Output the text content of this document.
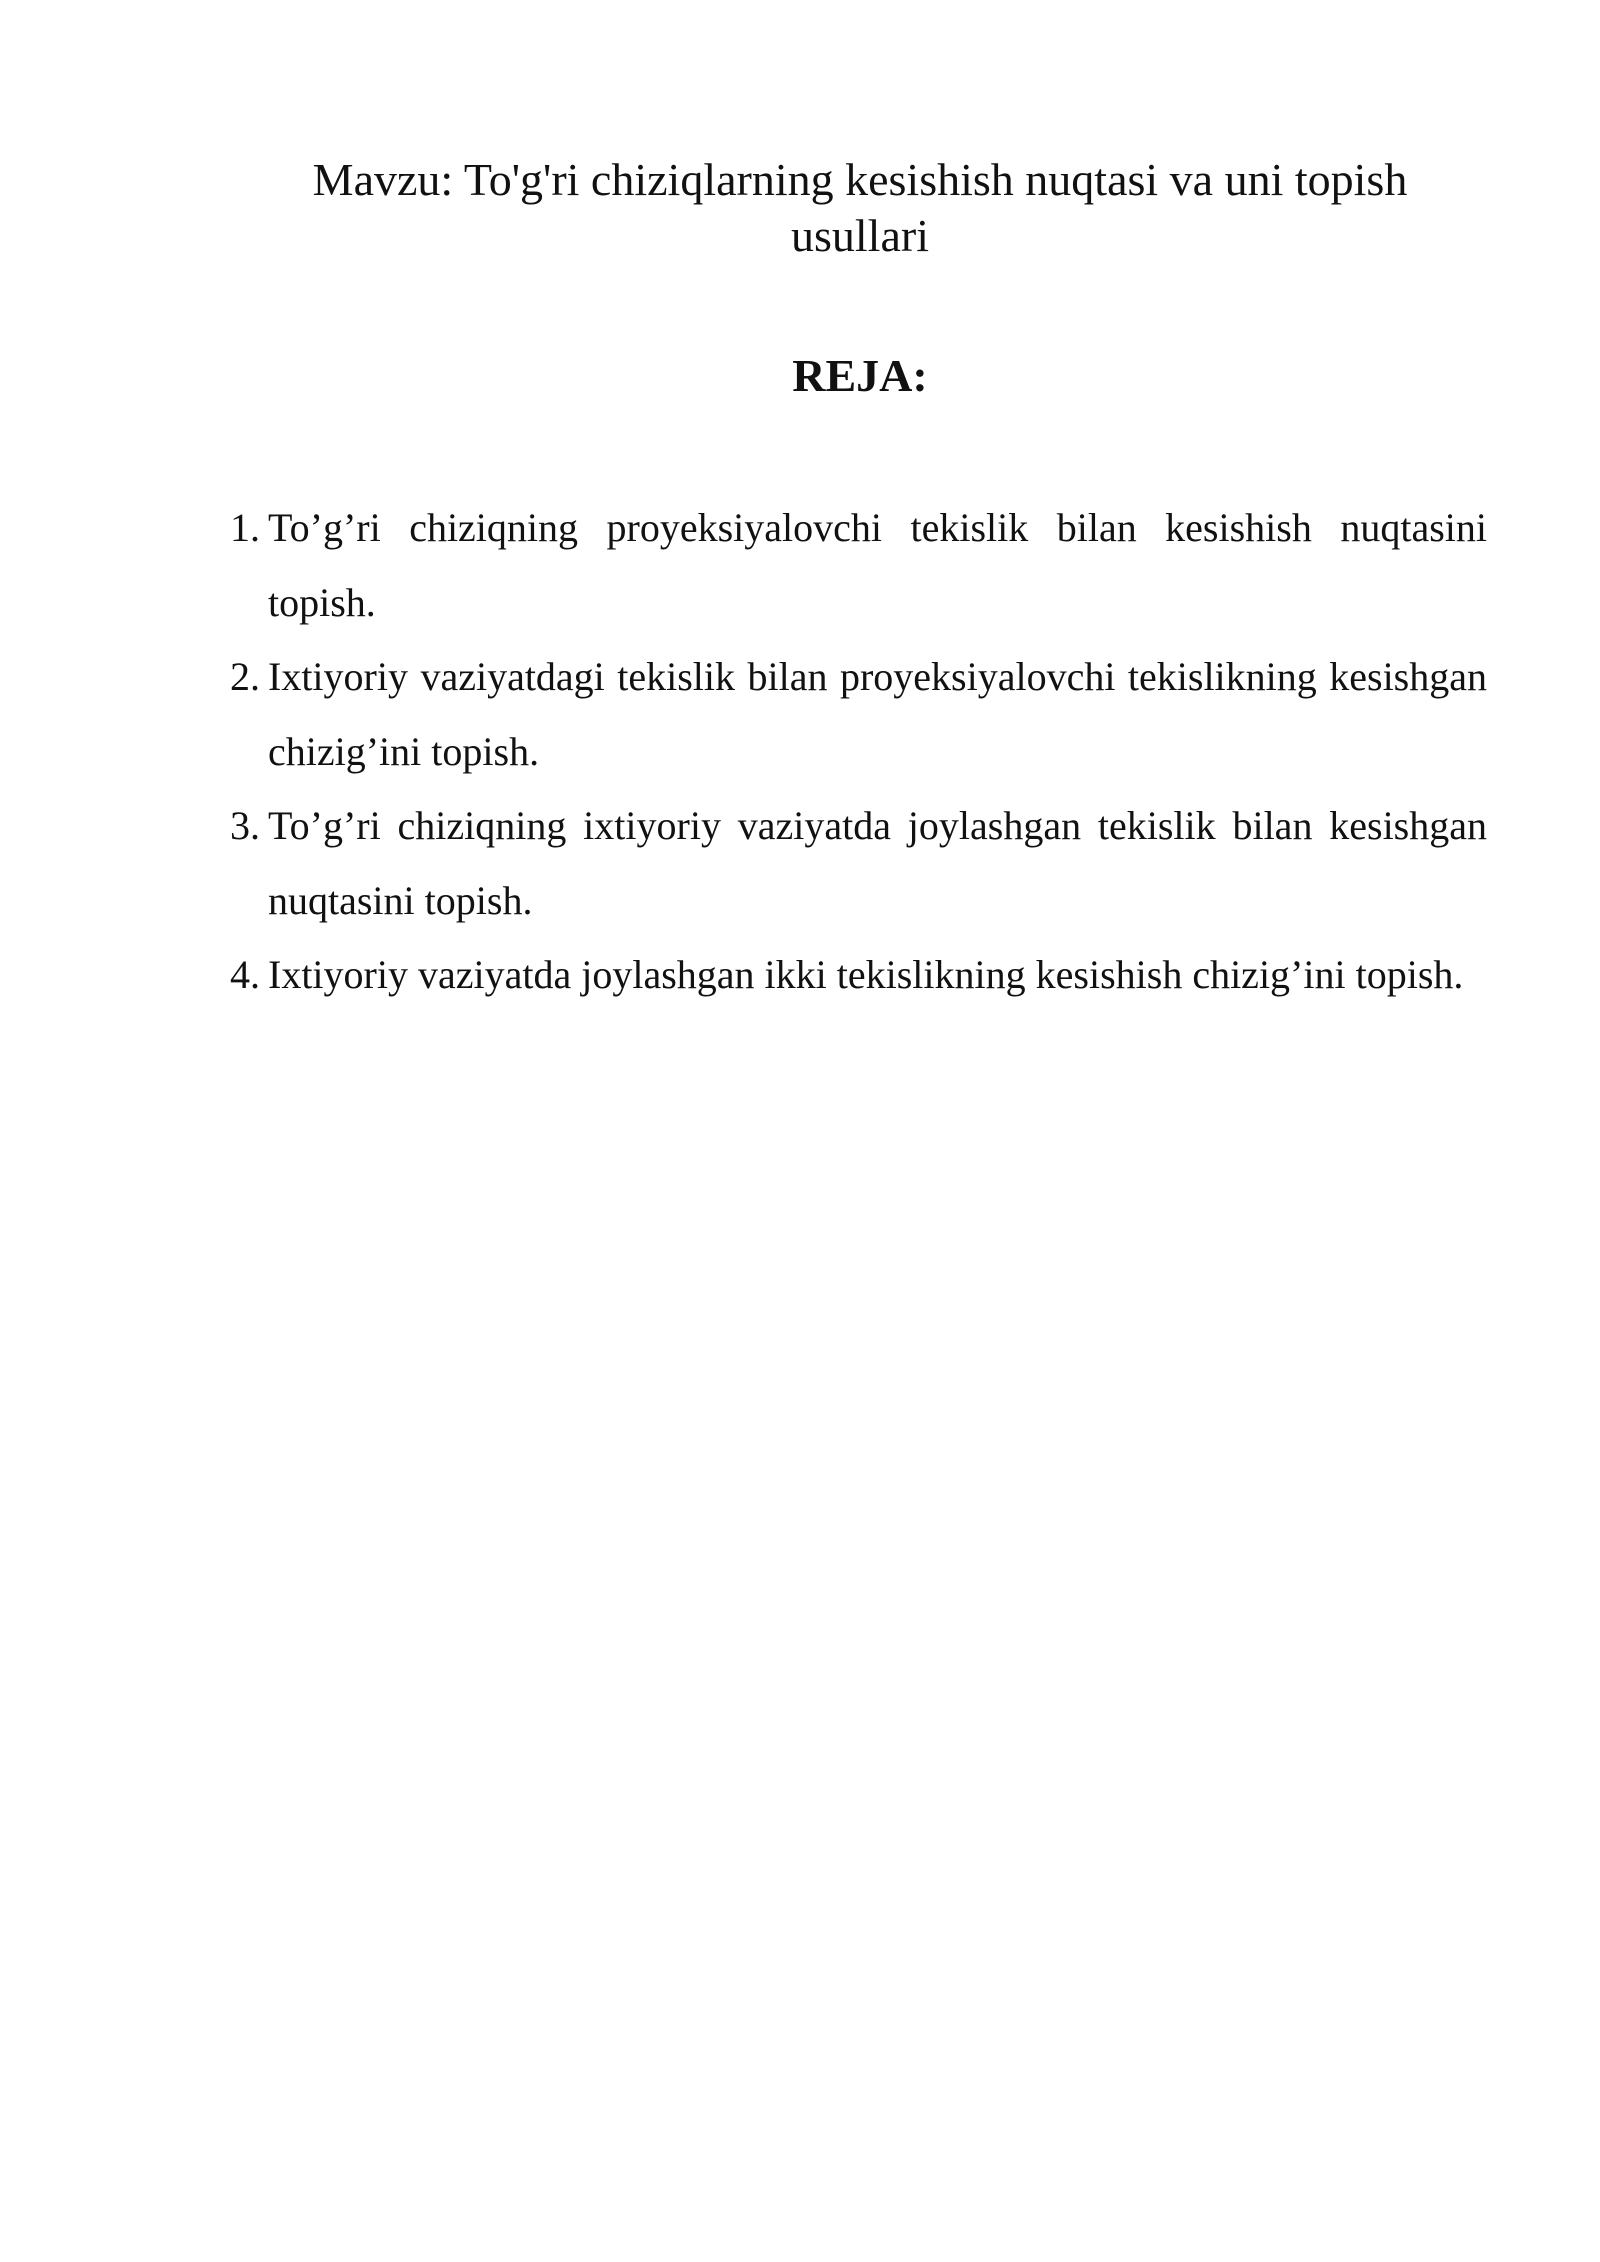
Mavzu: To'g'ri chiziqlarning kesishish nuqtasi va uni topish usullari
REJA:
1. To’g’ri chiziqning proyeksiyalovchi tekislik bilan kesishish nuqtasini topish.
2. Ixtiyoriy vaziyatdagi tekislik bilan proyeksiyalovchi tekislikning kesishgan chizig’ini topish.
3. To’g’ri chiziqning ixtiyoriy vaziyatda joylashgan tekislik bilan kesishgan nuqtasini topish.
4. Ixtiyoriy vaziyatda joylashgan ikki tekislikning kesishish chizig’ini topish.
